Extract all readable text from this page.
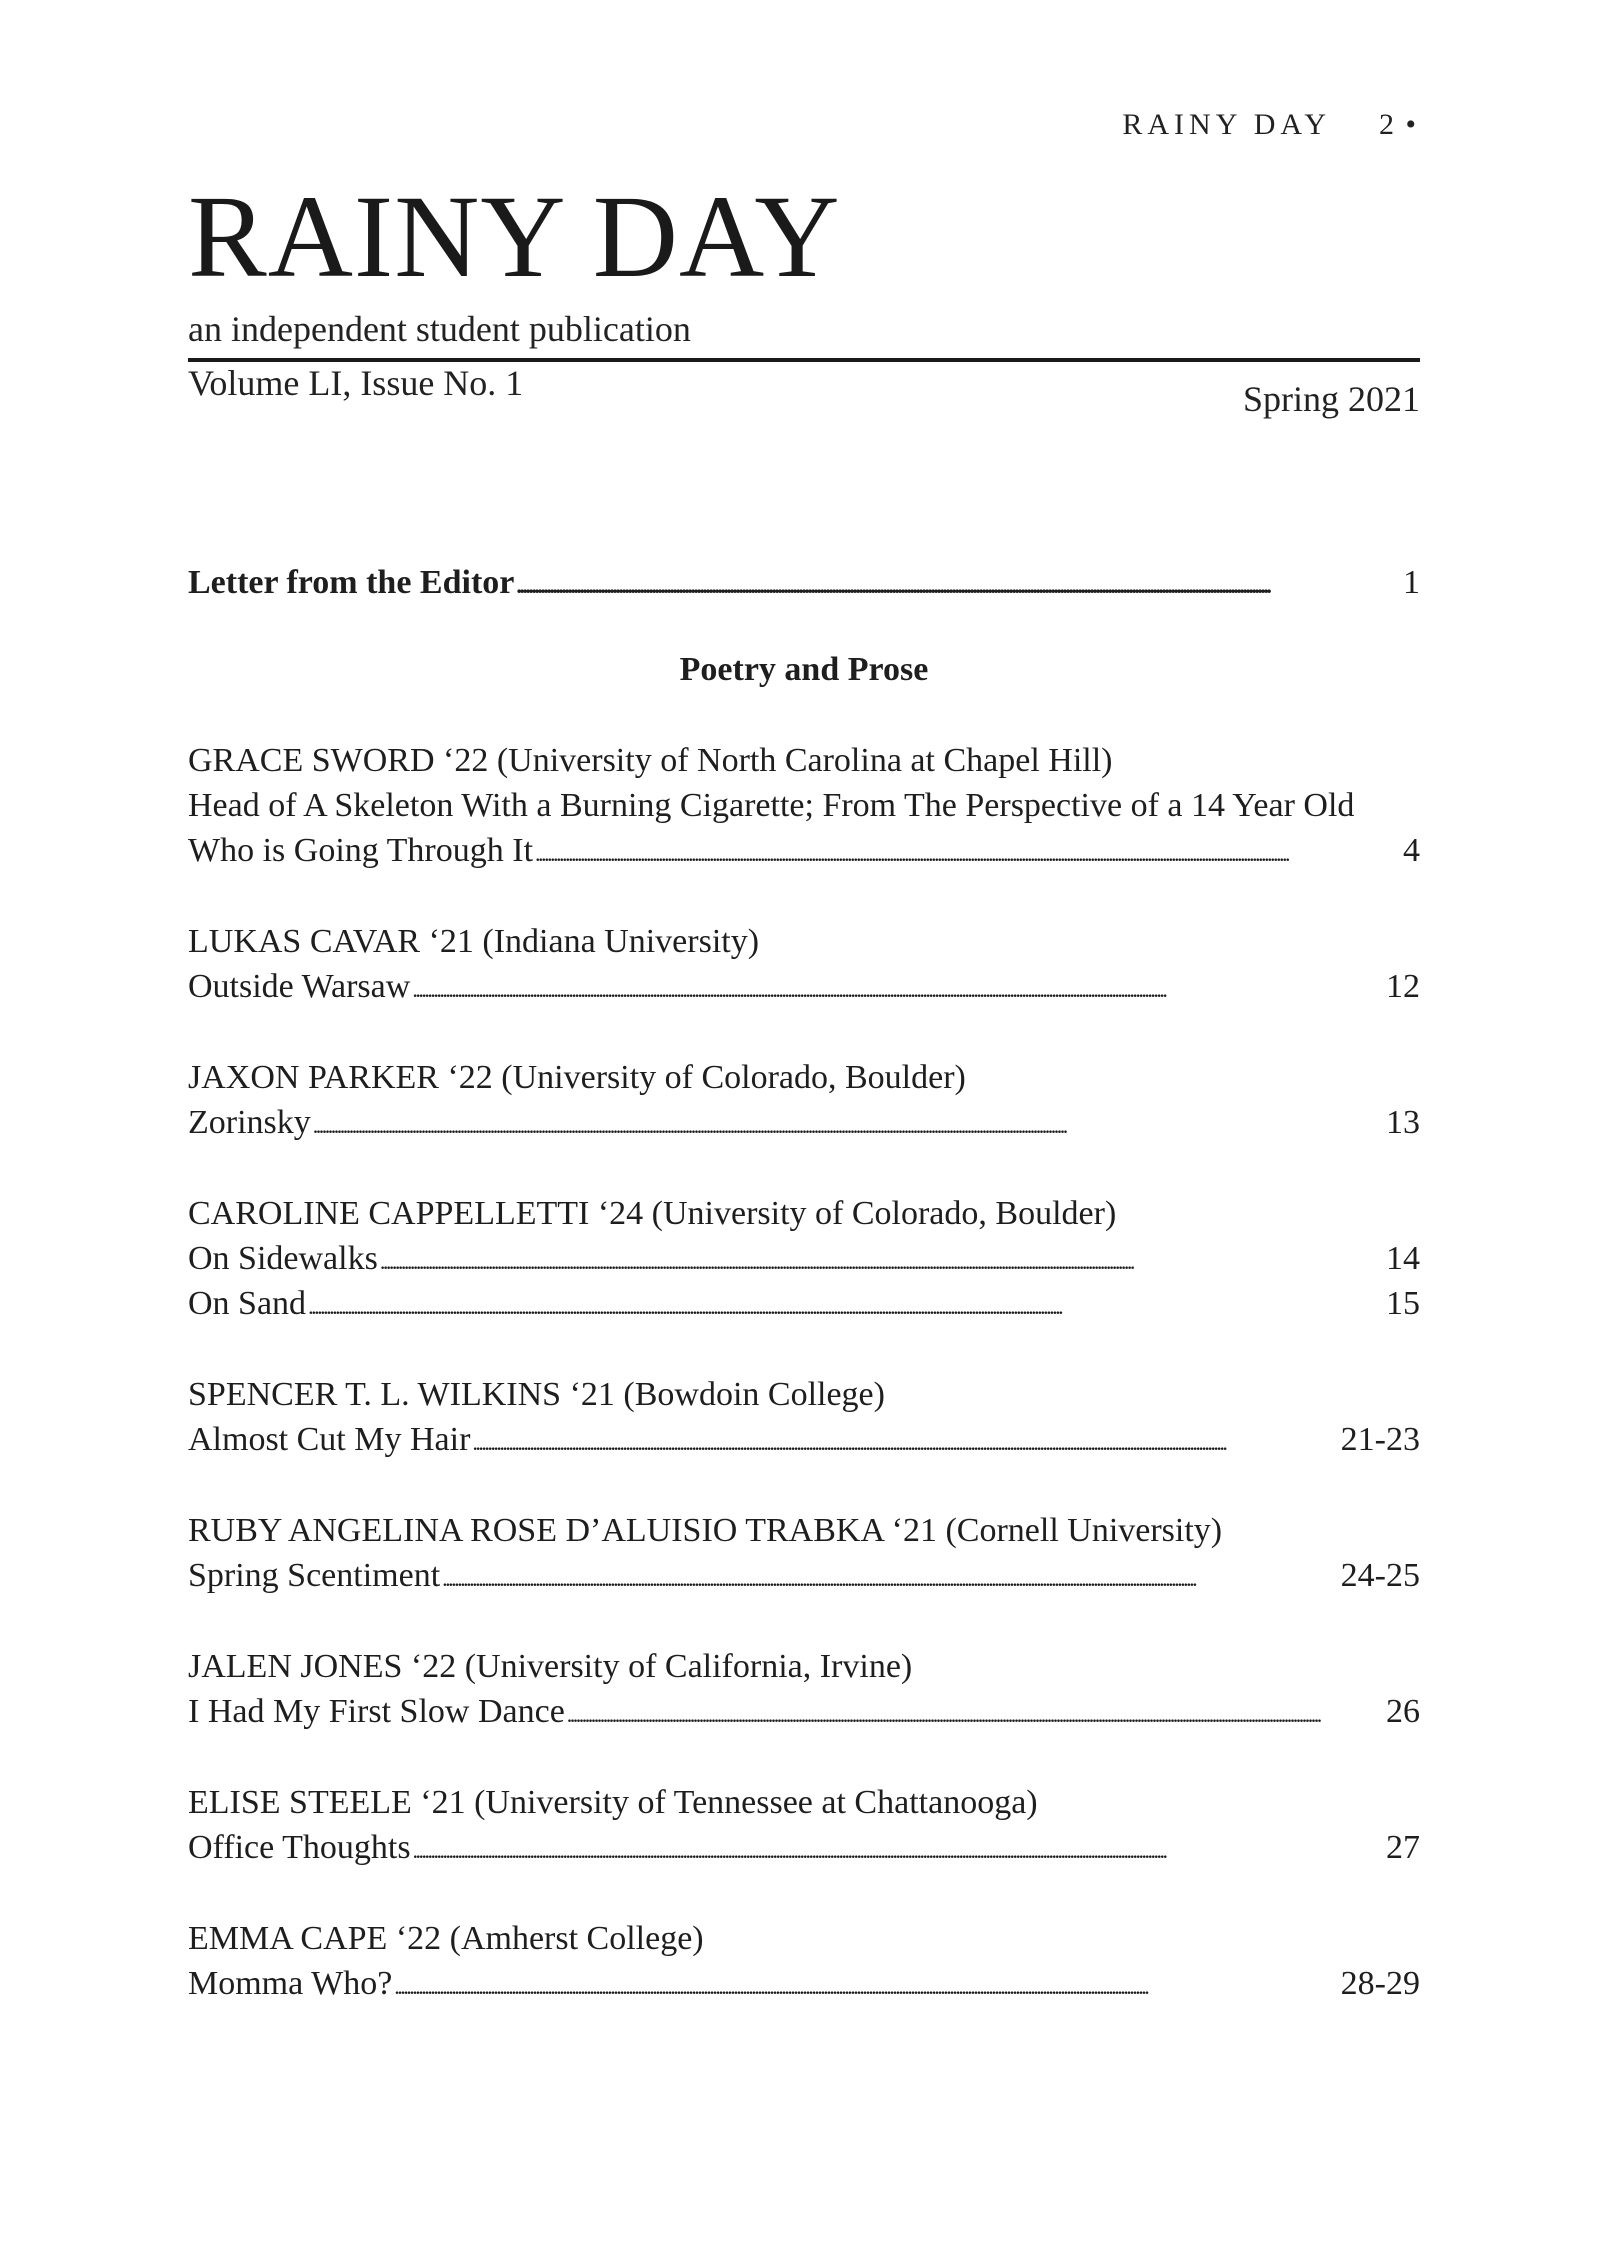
RAINY DAY 2 •
RAINY DAY
an independent student publication
Volume LI, Issue No. 1	Spring 2021
Letter from the Editor . . .	1
Poetry and Prose
GRACE SWORD ‘22 (University of North Carolina at Chapel Hill)
Head of A Skeleton With a Burning Cigarette; From The Perspective of a 14 Year Old
Who is Going Through It . . .	4
LUKAS CAVAR ‘21 (Indiana University)
Outside Warsaw . . .	12
JAXON PARKER ‘22 (University of Colorado, Boulder)
Zorinsky . . .	13
CAROLINE CAPPELLETTI ‘24 (University of Colorado, Boulder)
On Sidewalks . . .	14
On Sand . . .	15
SPENCER T. L. WILKINS ‘21 (Bowdoin College)
Almost Cut My Hair . . .	21-23
RUBY ANGELINA ROSE D’ALUISIO TRABKA ‘21 (Cornell University)
Spring Scentiment . . .	24-25
JALEN JONES ‘22 (University of California, Irvine)
I Had My First Slow Dance . . .	26
ELISE STEELE ‘21 (University of Tennessee at Chattanooga)
Office Thoughts . . .	27
EMMA CAPE ‘22 (Amherst College)
Momma Who? . . .	28-29
